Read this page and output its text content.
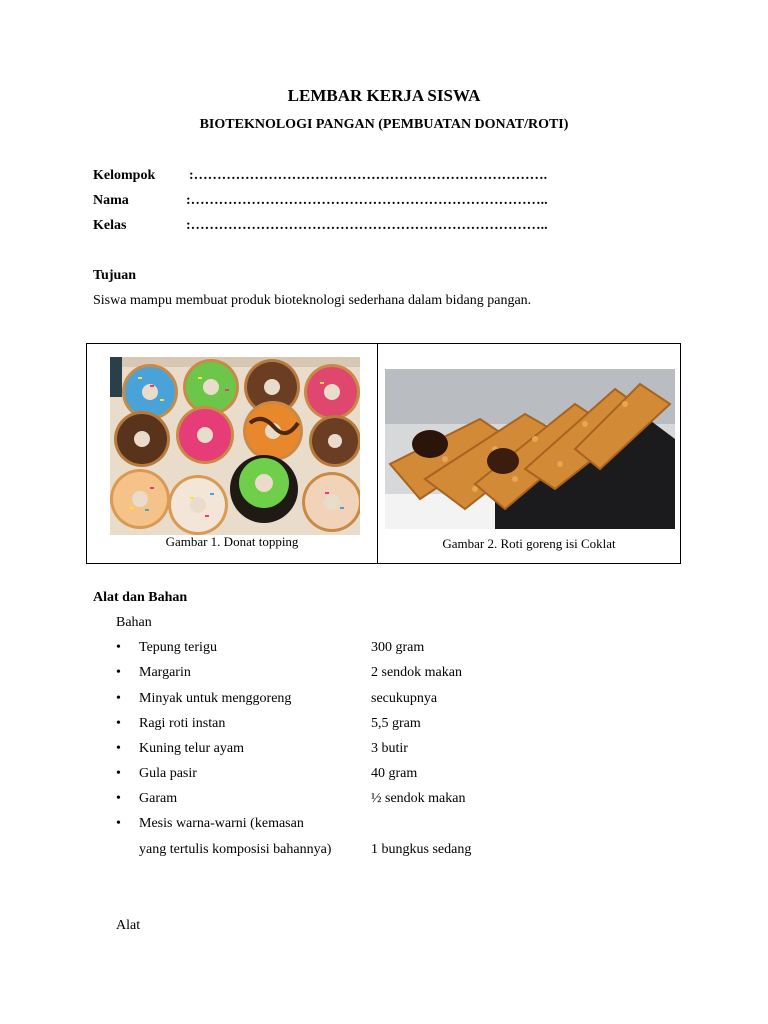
LEMBAR KERJA SISWA
BIOTEKNOLOGI PANGAN (PEMBUATAN DONAT/ROTI)
Kelompok :………………………………………………………………….
Nama	:…………………………………………………………………..
Kelas	:…………………………………………………………………..
Tujuan
Siswa mampu membuat produk bioteknologi sederhana dalam bidang pangan.
Gambar 1. Donat topping	Gambar 2. Roti goreng isi Coklat
Alat dan Bahan
Bahan
• Tepung terigu	300 gram
• Margarin	2 sendok makan
• Minyak untuk menggoreng	secukupnya
• Ragi roti instan	5,5 gram
• Kuning telur ayam	3 butir
• Gula pasir	40 gram
• Garam	½ sendok makan
• Mesis warna-warni (kemasan
yang tertulis komposisi bahannya)	1 bungkus sedang
Alat
